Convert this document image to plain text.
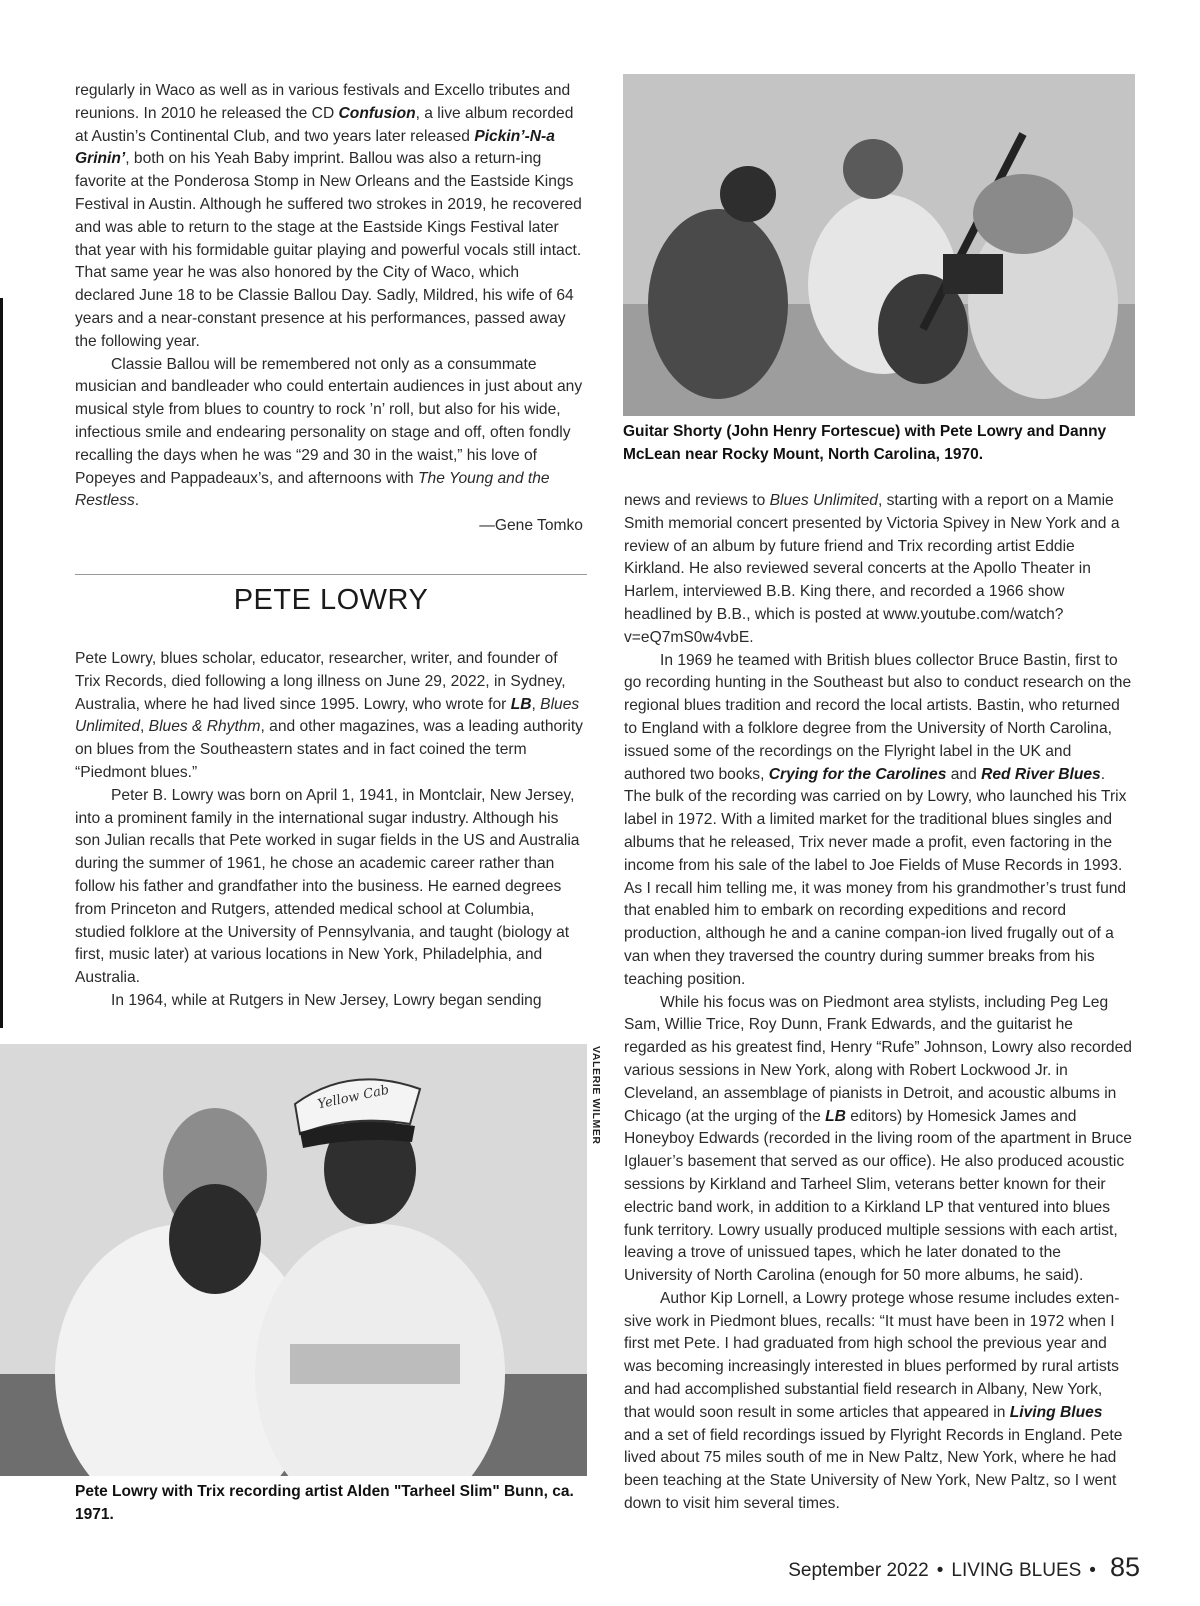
regularly in Waco as well as in various festivals and Excello tributes and reunions. In 2010 he released the CD Confusion, a live album recorded at Austin’s Continental Club, and two years later released Pickin’-N-a Grinin’, both on his Yeah Baby imprint. Ballou was also a return-ing favorite at the Ponderosa Stomp in New Orleans and the Eastside Kings Festival in Austin. Although he suffered two strokes in 2019, he recovered and was able to return to the stage at the Eastside Kings Festival later that year with his formidable guitar playing and powerful vocals still intact. That same year he was also honored by the City of Waco, which declared June 18 to be Classie Ballou Day. Sadly, Mildred, his wife of 64 years and a near-constant presence at his performances, passed away the following year.

Classie Ballou will be remembered not only as a consummate musician and bandleader who could entertain audiences in just about any musical style from blues to country to rock ’n’ roll, but also for his wide, infectious smile and endearing personality on stage and off, often fondly recalling the days when he was “29 and 30 in the waist,” his love of Popeyes and Pappadeaux’s, and afternoons with The Young and the Restless.

—Gene Tomko

PETE LOWRY

Pete Lowry, blues scholar, educator, researcher, writer, and founder of Trix Records, died following a long illness on June 29, 2022, in Sydney, Australia, where he had lived since 1995. Lowry, who wrote for LB, Blues Unlimited, Blues & Rhythm, and other magazines, was a leading authority on blues from the Southeastern states and in fact coined the term “Piedmont blues.”

Peter B. Lowry was born on April 1, 1941, in Montclair, New Jersey, into a prominent family in the international sugar industry. Although his son Julian recalls that Pete worked in sugar fields in the US and Australia during the summer of 1961, he chose an academic career rather than follow his father and grandfather into the business. He earned degrees from Princeton and Rutgers, attended medical school at Columbia, studied folklore at the University of Pennsylvania, and taught (biology at first, music later) at various locations in New York, Philadelphia, and Australia.

In 1964, while at Rutgers in New Jersey, Lowry began sending

Guitar Shorty (John Henry Fortescue) with Pete Lowry and Danny McLean near Rocky Mount, North Carolina, 1970.

news and reviews to Blues Unlimited, starting with a report on a Mamie Smith memorial concert presented by Victoria Spivey in New York and a review of an album by future friend and Trix recording artist Eddie Kirkland. He also reviewed several concerts at the Apollo Theater in Harlem, interviewed B.B. King there, and recorded a 1966 show headlined by B.B., which is posted at www.youtube.com/watch?v=eQ7mS0w4vbE.

In 1969 he teamed with British blues collector Bruce Bastin, first to go recording hunting in the Southeast but also to conduct research on the regional blues tradition and record the local artists. Bastin, who returned to England with a folklore degree from the University of North Carolina, issued some of the recordings on the Flyright label in the UK and authored two books, Crying for the Carolines and Red River Blues. The bulk of the recording was carried on by Lowry, who launched his Trix label in 1972. With a limited market for the traditional blues singles and albums that he released, Trix never made a profit, even factoring in the income from his sale of the label to Joe Fields of Muse Records in 1993. As I recall him telling me, it was money from his grandmother’s trust fund that enabled him to embark on recording expeditions and record production, although he and a canine compan-ion lived frugally out of a van when they traversed the country during summer breaks from his teaching position.

While his focus was on Piedmont area stylists, including Peg Leg Sam, Willie Trice, Roy Dunn, Frank Edwards, and the guitarist he regarded as his greatest find, Henry “Rufe” Johnson, Lowry also recorded various sessions in New York, along with Robert Lockwood Jr. in Cleveland, an assemblage of pianists in Detroit, and acoustic albums in Chicago (at the urging of the LB editors) by Homesick James and Honeyboy Edwards (recorded in the living room of the apartment in Bruce Iglauer’s basement that served as our office). He also produced acoustic sessions by Kirkland and Tarheel Slim, veterans better known for their electric band work, in addition to a Kirkland LP that ventured into blues funk territory. Lowry usually produced multiple sessions with each artist, leaving a trove of unissued tapes, which he later donated to the University of North Carolina (enough for 50 more albums, he said).

Author Kip Lornell, a Lowry protege whose resume includes exten-sive work in Piedmont blues, recalls: “It must have been in 1972 when I first met Pete. I had graduated from high school the previous year and was becoming increasingly interested in blues performed by rural artists and had accomplished substantial field research in Albany, New York, that would soon result in some articles that appeared in Living Blues and a set of field recordings issued by Flyright Records in England. Pete lived about 75 miles south of me in New Paltz, New York, where he had been teaching at the State University of New York, New Paltz, so I went down to visit him several times.

Yellow Cab	VALERIE WILMER
Pete Lowry with Trix recording artist Alden "Tarheel Slim" Bunn, ca. 1971.
September 2022 • LIVING BLUES • 85
